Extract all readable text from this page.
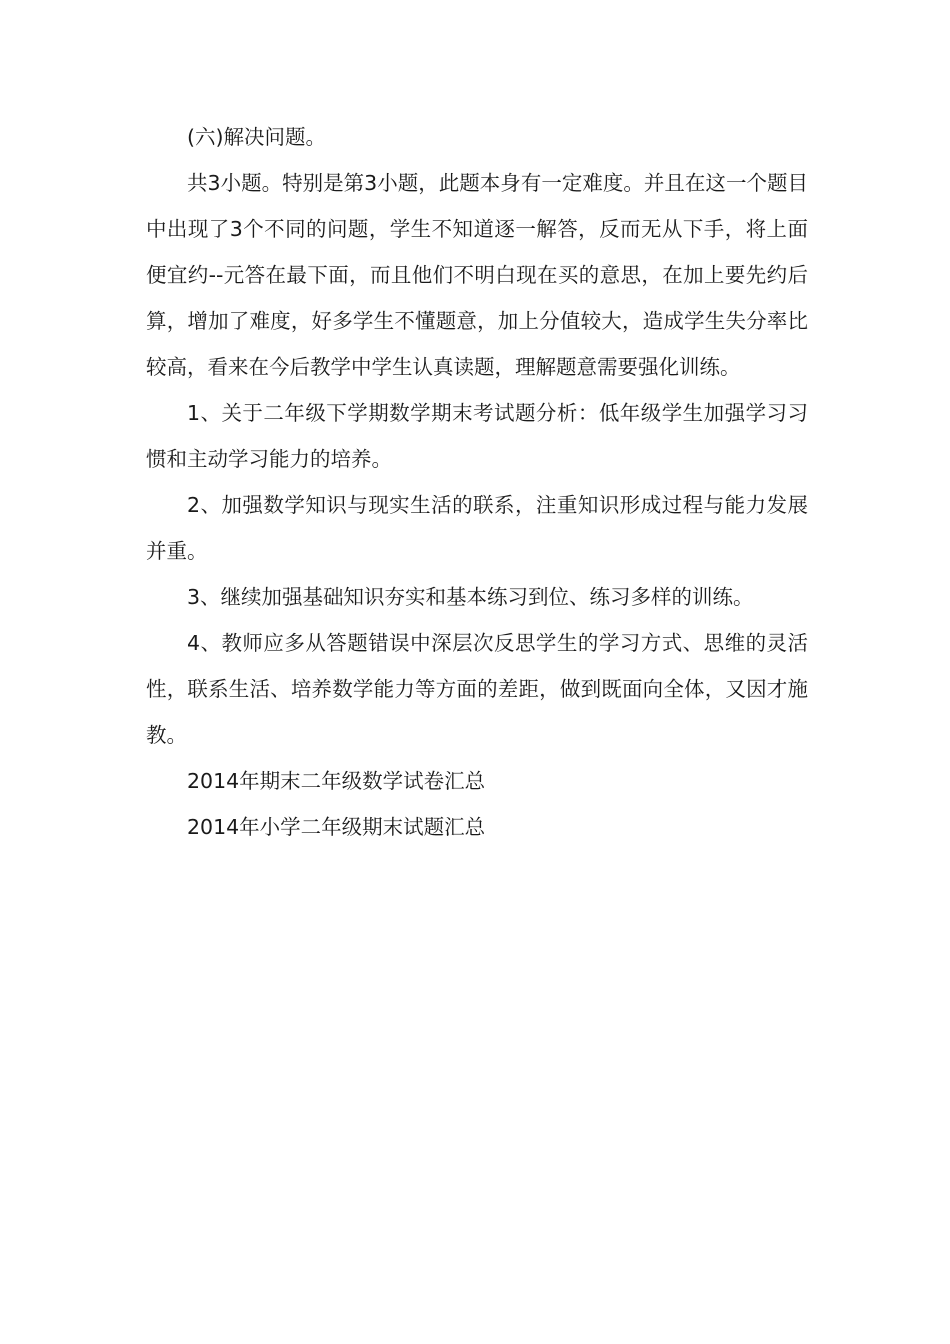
(六)解决问题。

共3小题。特别是第3小题，此题本身有一定难度。并且在这一个题目中出现了3个不同的问题，学生不知道逐一解答，反而无从下手，将上面便宜约--元答在最下面，而且他们不明白现在买的意思，在加上要先约后算，增加了难度，好多学生不懂题意，加上分值较大，造成学生失分率比较高，看来在今后教学中学生认真读题，理解题意需要强化训练。

1、关于二年级下学期数学期末考试题分析：低年级学生加强学习习惯和主动学习能力的培养。

2、加强数学知识与现实生活的联系，注重知识形成过程与能力发展并重。

3、继续加强基础知识夯实和基本练习到位、练习多样的训练。

4、教师应多从答题错误中深层次反思学生的学习方式、思维的灵活性，联系生活、培养数学能力等方面的差距，做到既面向全体，又因才施教。

2014年期末二年级数学试卷汇总

2014年小学二年级期末试题汇总
